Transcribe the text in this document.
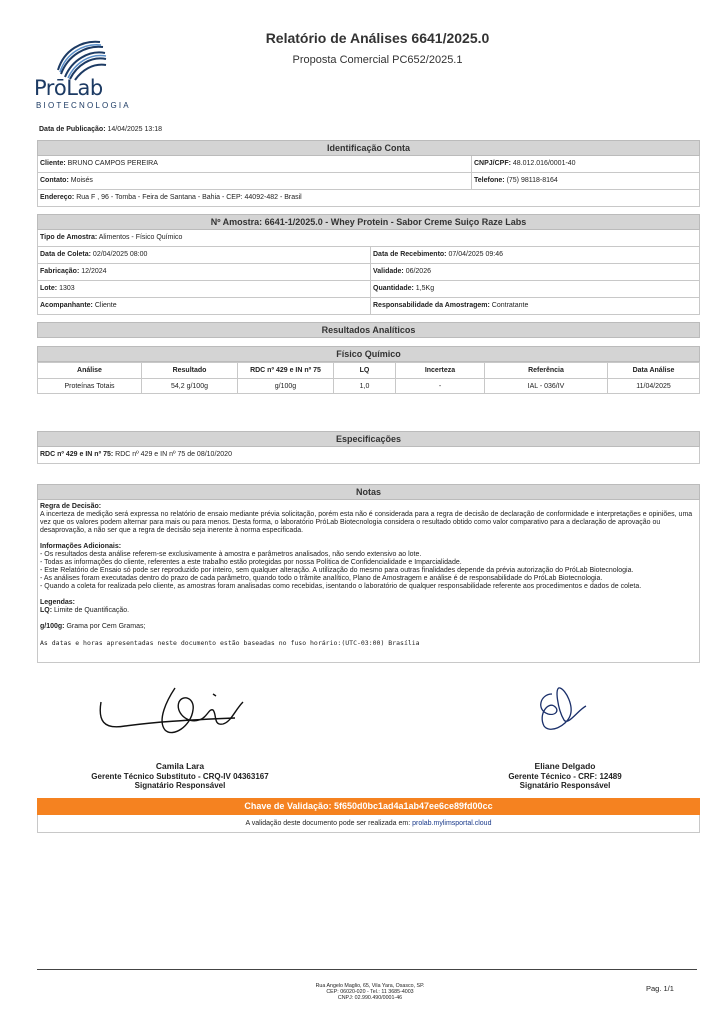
PrōLab
BIOTECNOLOGIA
Relatório de Análises 6641/2025.0
Proposta Comercial PC652/2025.1
Data de Publicação: 14/04/2025 13:18
Identificação Conta
Cliente: BRUNO CAMPOS PEREIRA	CNPJ/CPF: 48.012.016/0001-40
Contato: Moisés	Telefone: (75) 98118-8164
Endereço: Rua F , 96 - Tomba - Feira de Santana - Bahia - CEP: 44092-482 - Brasil
Nº Amostra: 6641-1/2025.0 - Whey Protein - Sabor Creme Suiço Raze Labs
Tipo de Amostra: Alimentos - Físico Químico
Data de Coleta: 02/04/2025 08:00	Data de Recebimento: 07/04/2025 09:46
Fabricação: 12/2024	Validade: 06/2026
Lote: 1303	Quantidade: 1,5Kg
Acompanhante: Cliente	Responsabilidade da Amostragem: Contratante
Resultados Analíticos
Físico Químico
Análise	Resultado	RDC nº 429 e IN nº 75	LQ	Incerteza	Referência	Data Análise
Proteínas Totais	54,2 g/100g	g/100g	1,0	-	IAL - 036/IV	11/04/2025
Especificações
RDC nº 429 e IN nº 75: RDC nº 429 e IN nº 75 de 08/10/2020
Notas
Regra de Decisão:
A incerteza de medição será expressa no relatório de ensaio mediante prévia solicitação, porém esta não é considerada para a regra de decisão de declaração de conformidade e interpretações e opiniões, uma vez que os valores podem alternar para mais ou para menos. Desta forma, o laboratório PróLab Biotecnologia considera o resultado obtido como valor comparativo para a declaração de aprovação ou desaprovação, a não ser que a regra de decisão seja inerente à norma especificada.
Informações Adicionais:
- Os resultados desta análise referem-se exclusivamente à amostra e parâmetros analisados, não sendo extensivo ao lote.
- Todas as informações do cliente, referentes a este trabalho estão protegidas por nossa Política de Confidencialidade e Imparcialidade.
- Este Relatório de Ensaio só pode ser reproduzido por inteiro, sem qualquer alteração. A utilização do mesmo para outras finalidades depende da prévia autorização do PróLab Biotecnologia.
- As análises foram executadas dentro do prazo de cada parâmetro, quando todo o trâmite analítico, Plano de Amostragem e análise é de responsabilidade do PróLab Biotecnologia.
- Quando a coleta for realizada pelo cliente, as amostras foram analisadas como recebidas, isentando o laboratório de qualquer responsabilidade referente aos procedimentos e dados de coleta.
Legendas:
LQ: Limite de Quantificação.
g/100g: Grama por Cem Gramas;
As datas e horas apresentadas neste documento estão baseadas no fuso horário:(UTC-03:00) Brasília
Camila Lara
Gerente Técnico Substituto - CRQ-IV 04363167
Signatário Responsável
Eliane Delgado
Gerente Técnico - CRF: 12489
Signatário Responsável
Chave de Validação: 5f650d0bc1ad4a1ab47ee6ce89fd00cc
A validação deste documento pode ser realizada em: prolab.mylimsportal.cloud
Rua Angelo Maglio, 65, Vila Yara, Osasco, SP.
CEP: 06020-020 - Tel.: 11 3685-4003
CNPJ: 02.990.490/0001-46
Pag. 1/1
